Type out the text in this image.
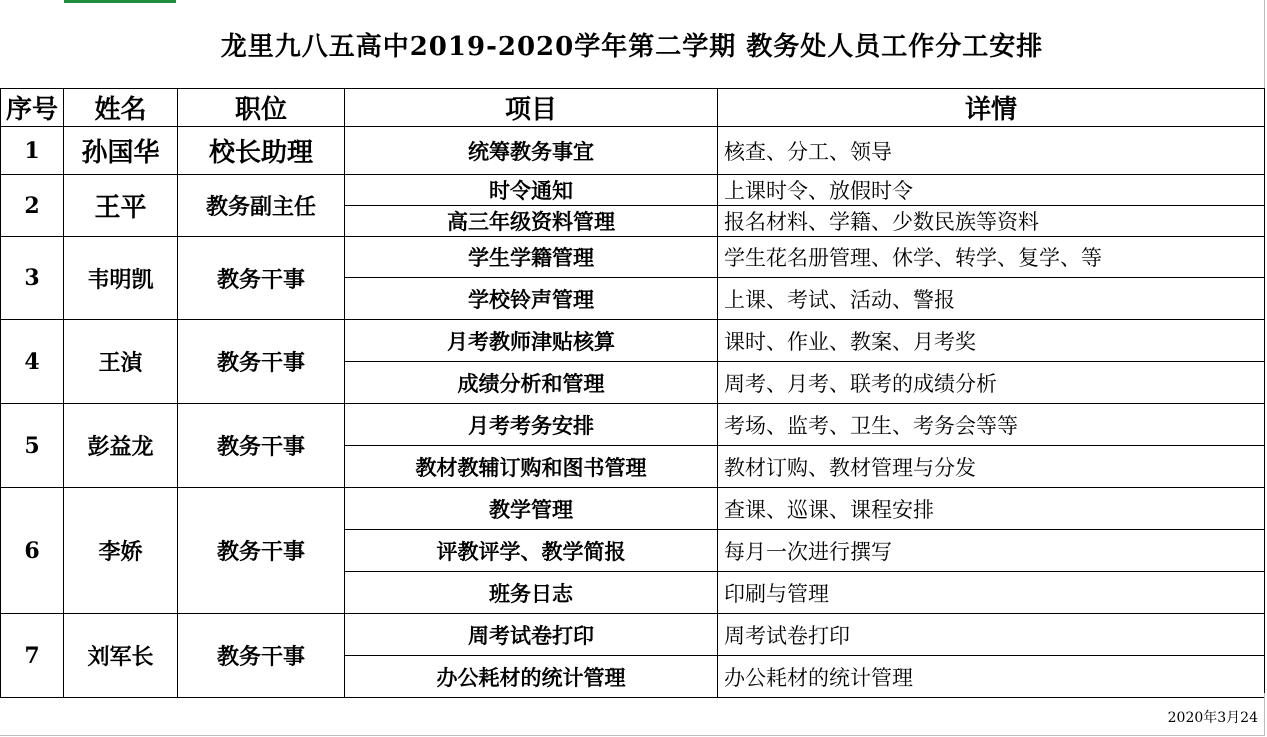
龙里九八五高中2019-2020学年第二学期 教务处人员工作分工安排
序号	姓名	职位	项目	详情
1	孙国华	校长助理	统筹教务事宜	核查、分工、领导
2	王平	教务副主任	时令通知	上课时令、放假时令
			高三年级资料管理	报名材料、学籍、少数民族等资料
3	韦明凯	教务干事	学生学籍管理	学生花名册管理、休学、转学、复学、等
			学校铃声管理	上课、考试、活动、警报
4	王湞	教务干事	月考教师津贴核算	课时、作业、教案、月考奖
			成绩分析和管理	周考、月考、联考的成绩分析
5	彭益龙	教务干事	月考考务安排	考场、监考、卫生、考务会等等
			教材教辅订购和图书管理	教材订购、教材管理与分发
6	李娇	教务干事	教学管理	查课、巡课、课程安排
			评教评学、教学简报	每月一次进行撰写
			班务日志	印刷与管理
7	刘军长	教务干事	周考试卷打印	周考试卷打印
			办公耗材的统计管理	办公耗材的统计管理
2020年3月24
